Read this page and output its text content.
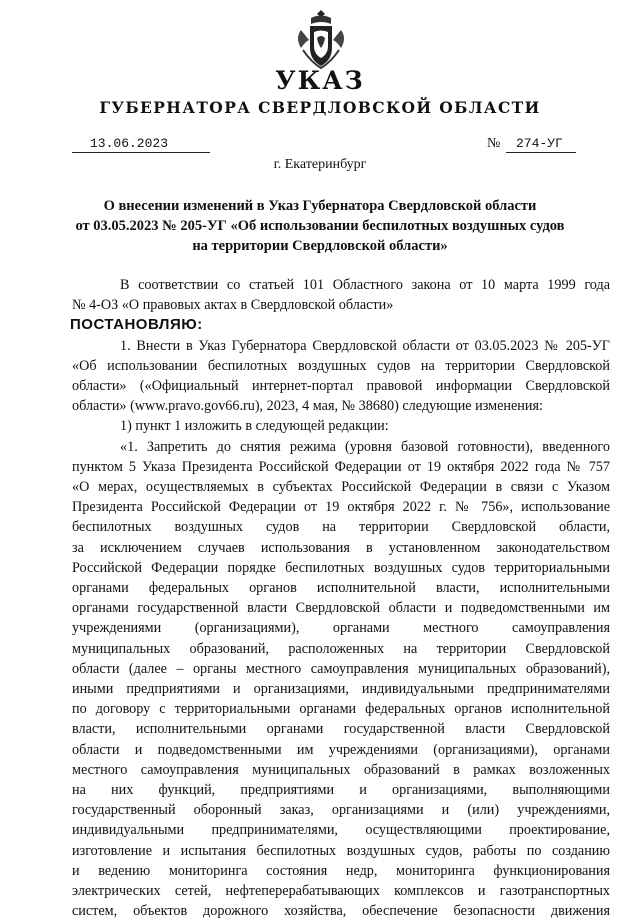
УКАЗ
ГУБЕРНАТОРА СВЕРДЛОВСКОЙ ОБЛАСТИ
13.06.2023	№	274-УГ
г. Екатеринбург
О внесении изменений в Указ Губернатора Свердловской области
от 03.05.2023 № 205-УГ «Об использовании беспилотных воздушных судов
на территории Свердловской области»

В соответствии со статьей 101 Областного закона от 10 марта 1999 года

№ 4-ОЗ «О правовых актах в Свердловской области»

ПОСТАНОВЛЯЮ:

1. Внести в Указ Губернатора Свердловской области от 03.05.2023 № 205-УГ

«Об использовании беспилотных воздушных судов на территории Свердловской
области» («Официальный интернет-портал правовой информации Свердловской
области» (www.pravo.gov66.ru), 2023, 4 мая, № 38680) следующие изменения:

1) пункт 1 изложить в следующей редакции:

«1. Запретить до снятия режима (уровня базовой готовности), введенного

пунктом 5 Указа Президента Российской Федерации от 19 октября 2022 года № 757
«О мерах, осуществляемых в субъектах Российской Федерации в связи с Указом
Президента Российской Федерации от 19 октября 2022 г. № 756», использование
беспилотных воздушных судов на территории Свердловской области,
за исключением случаев использования в установленном законодательством
Российской Федерации порядке беспилотных воздушных судов территориальными
органами федеральных органов исполнительной власти, исполнительными
органами государственной власти Свердловской области и подведомственными им
учреждениями (организациями), органами местного самоуправления
муниципальных образований, расположенных на территории Свердловской
области (далее – органы местного самоуправления муниципальных образований),
иными предприятиями и организациями, индивидуальными предпринимателями
по договору с территориальными органами федеральных органов исполнительной
власти, исполнительными органами государственной власти Свердловской
области и подведомственными им учреждениями (организациями), органами
местного самоуправления муниципальных образований в рамках возложенных
на них функций, предприятиями и организациями, выполняющими
государственный оборонный заказ, организациями и (или) учреждениями,
индивидуальными предпринимателями, осуществляющими проектирование,
изготовление и испытания беспилотных воздушных судов, работы по созданию
и ведению мониторинга состояния недр, мониторинга функционирования
электрических сетей, нефтеперерабатывающих комплексов и газотранспортных
систем, объектов дорожного хозяйства, обеспечение безопасности движения
